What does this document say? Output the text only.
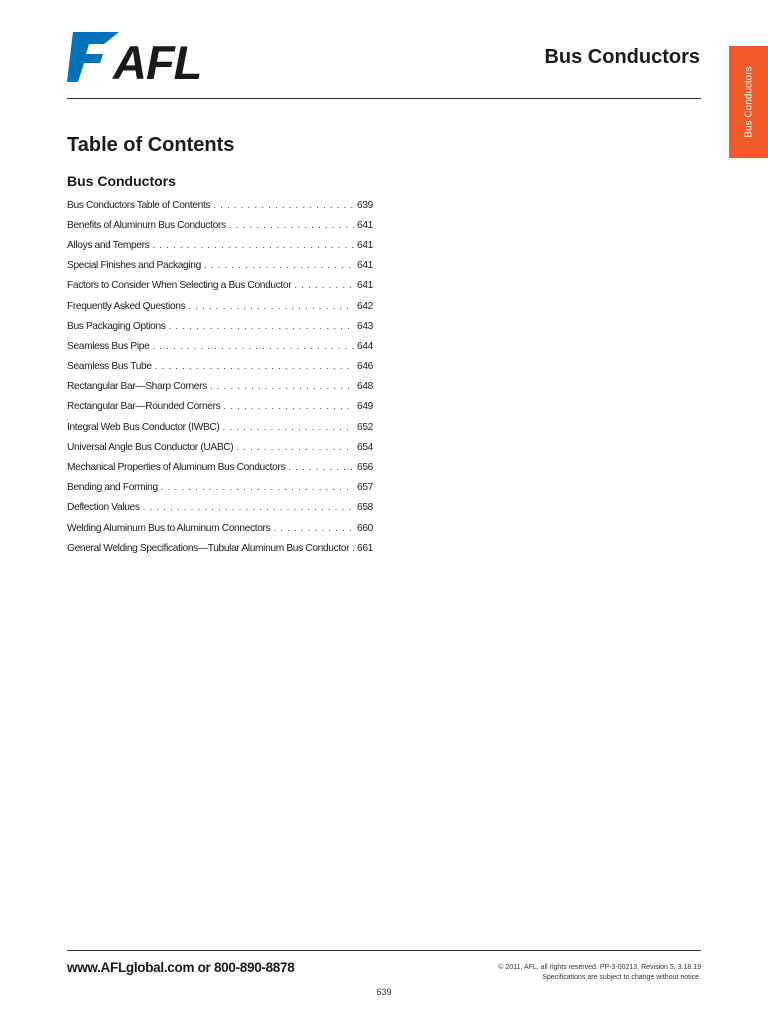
AFL	Bus Conductors
Bus Conductors
Table of Contents
Bus Conductors
Bus Conductors Table of Contents . . .	639
Benefits of Aluminum Bus Conductors . . .	641
Alloys and Tempers . . .	641
Special Finishes and Packaging . . .	641
Factors to Consider When Selecting a Bus Conductor . . .	641
Frequently Asked Questions . . .	642
Bus Packaging Options . . .	643
Seamless Bus Pipe . . .	644
Seamless Bus Tube . . .	646
Rectangular Bar—Sharp Corners . . .	648
Rectangular Bar—Rounded Corners . . .	649
Integral Web Bus Conductor (IWBC) . . .	652
Universal Angle Bus Conductor (UABC) . . .	654
Mechanical Properties of Aluminum Bus Conductors . . .	656
Bending and Forming . . .	657
Deflection Values . . .	658
Welding Aluminum Bus to Aluminum Connectors . . .	660
General Welding Specifications—Tubular Aluminum Bus Conductor . . . 661
www.AFLglobal.com or 800-890-8878	© 2011, AFL, all rights reserved. PP-3-00213, Revision 5, 3.18.19
Specifications are subject to change without notice.
639
